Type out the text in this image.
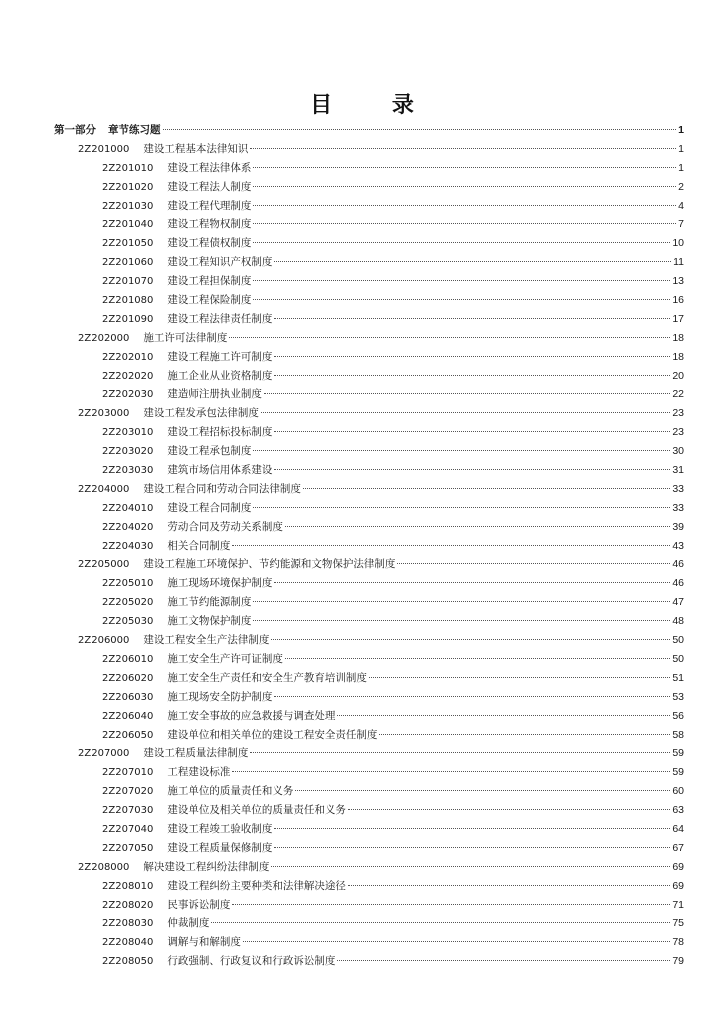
目 录
第一部分 章节练习题	1
2Z201000 建设工程基本法律知识	1
2Z201010 建设工程法律体系	1
2Z201020 建设工程法人制度	2
2Z201030 建设工程代理制度	4
2Z201040 建设工程物权制度	7
2Z201050 建设工程债权制度	10
2Z201060 建设工程知识产权制度	11
2Z201070 建设工程担保制度	13
2Z201080 建设工程保险制度	16
2Z201090 建设工程法律责任制度	17
2Z202000 施工许可法律制度	18
2Z202010 建设工程施工许可制度	18
2Z202020 施工企业从业资格制度	20
2Z202030 建造师注册执业制度	22
2Z203000 建设工程发承包法律制度	23
2Z203010 建设工程招标投标制度	23
2Z203020 建设工程承包制度	30
2Z203030 建筑市场信用体系建设	31
2Z204000 建设工程合同和劳动合同法律制度	33
2Z204010 建设工程合同制度	33
2Z204020 劳动合同及劳动关系制度	39
2Z204030 相关合同制度	43
2Z205000 建设工程施工环境保护、节约能源和文物保护法律制度	46
2Z205010 施工现场环境保护制度	46
2Z205020 施工节约能源制度	47
2Z205030 施工文物保护制度	48
2Z206000 建设工程安全生产法律制度	50
2Z206010 施工安全生产许可证制度	50
2Z206020 施工安全生产责任和安全生产教育培训制度	51
2Z206030 施工现场安全防护制度	53
2Z206040 施工安全事故的应急救援与调查处理	56
2Z206050 建设单位和相关单位的建设工程安全责任制度	58
2Z207000 建设工程质量法律制度	59
2Z207010 工程建设标准	59
2Z207020 施工单位的质量责任和义务	60
2Z207030 建设单位及相关单位的质量责任和义务	63
2Z207040 建设工程竣工验收制度	64
2Z207050 建设工程质量保修制度	67
2Z208000 解决建设工程纠纷法律制度	69
2Z208010 建设工程纠纷主要种类和法律解决途径	69
2Z208020 民事诉讼制度	71
2Z208030 仲裁制度	75
2Z208040 调解与和解制度	78
2Z208050 行政强制、行政复议和行政诉讼制度	79
